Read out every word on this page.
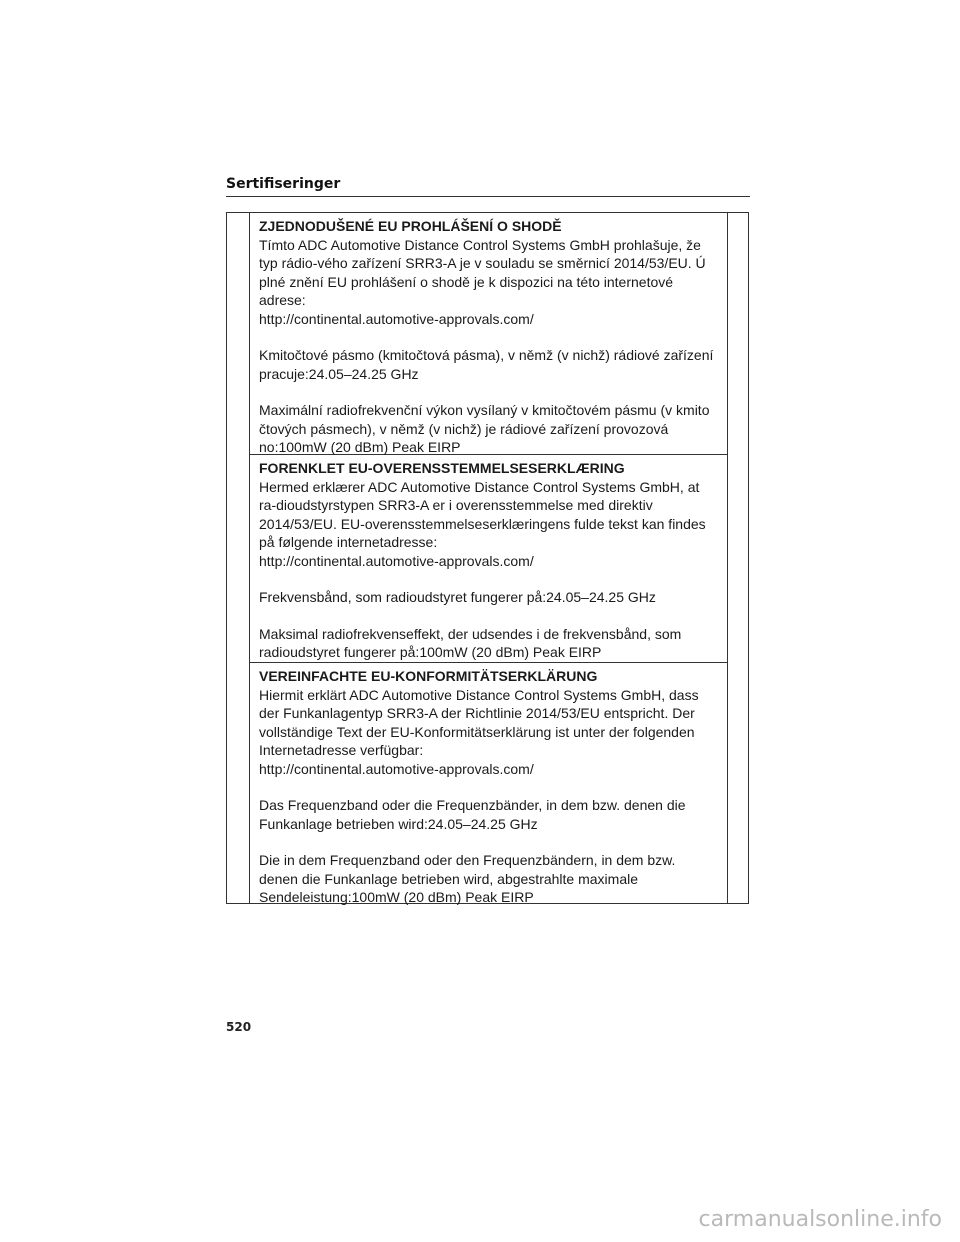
Sertifiseringer

ZJEDNODUŠENÉ EU PROHLÁŠENÍ O SHODĚ

Tímto ADC Automotive Distance Control Systems GmbH prohlašuje, že
typ rádio-vého zařízení SRR3-A je v souladu se směrnicí 2014/53/EU. Ú
plné znění EU prohlášení o shodě je k dispozici na této internetové
adrese:
http://continental.automotive-approvals.com/

Kmitočtové pásmo (kmitočtová pásma), v němž (v nichž) rádiové zařízení
pracuje:24.05–24.25 GHz

Maximální radiofrekvenční výkon vysílaný v kmitočtovém pásmu (v kmito
čtových pásmech), v němž (v nichž) je rádiové zařízení provozová
no:100mW (20 dBm) Peak EIRP

FORENKLET EU-OVERENSSTEMMELSESERKLÆRING

Hermed erklærer ADC Automotive Distance Control Systems GmbH, at
ra-dioudstyrstypen SRR3-A er i overensstemmelse med direktiv
2014/53/EU. EU-overensstemmelseserklæringens fulde tekst kan findes
på følgende internetadresse:
http://continental.automotive-approvals.com/

Frekvensbånd, som radioudstyret fungerer på:24.05–24.25 GHz

Maksimal radiofrekvenseffekt, der udsendes i de frekvensbånd, som
radioudstyret fungerer på:100mW (20 dBm) Peak EIRP

VEREINFACHTE EU-KONFORMITÄTSERKLÄRUNG

Hiermit erklärt ADC Automotive Distance Control Systems GmbH, dass
der Funkanlagentyp SRR3-A der Richtlinie 2014/53/EU entspricht. Der
vollständige Text der EU-Konformitätserklärung ist unter der folgenden
Internetadresse verfügbar:
http://continental.automotive-approvals.com/

Das Frequenzband oder die Frequenzbänder, in dem bzw. denen die
Funkanlage betrieben wird:24.05–24.25 GHz

Die in dem Frequenzband oder den Frequenzbändern, in dem bzw.
denen die Funkanlage betrieben wird, abgestrahlte maximale
Sendeleistung:100mW (20 dBm) Peak EIRP

520
carmanualsonline.info
